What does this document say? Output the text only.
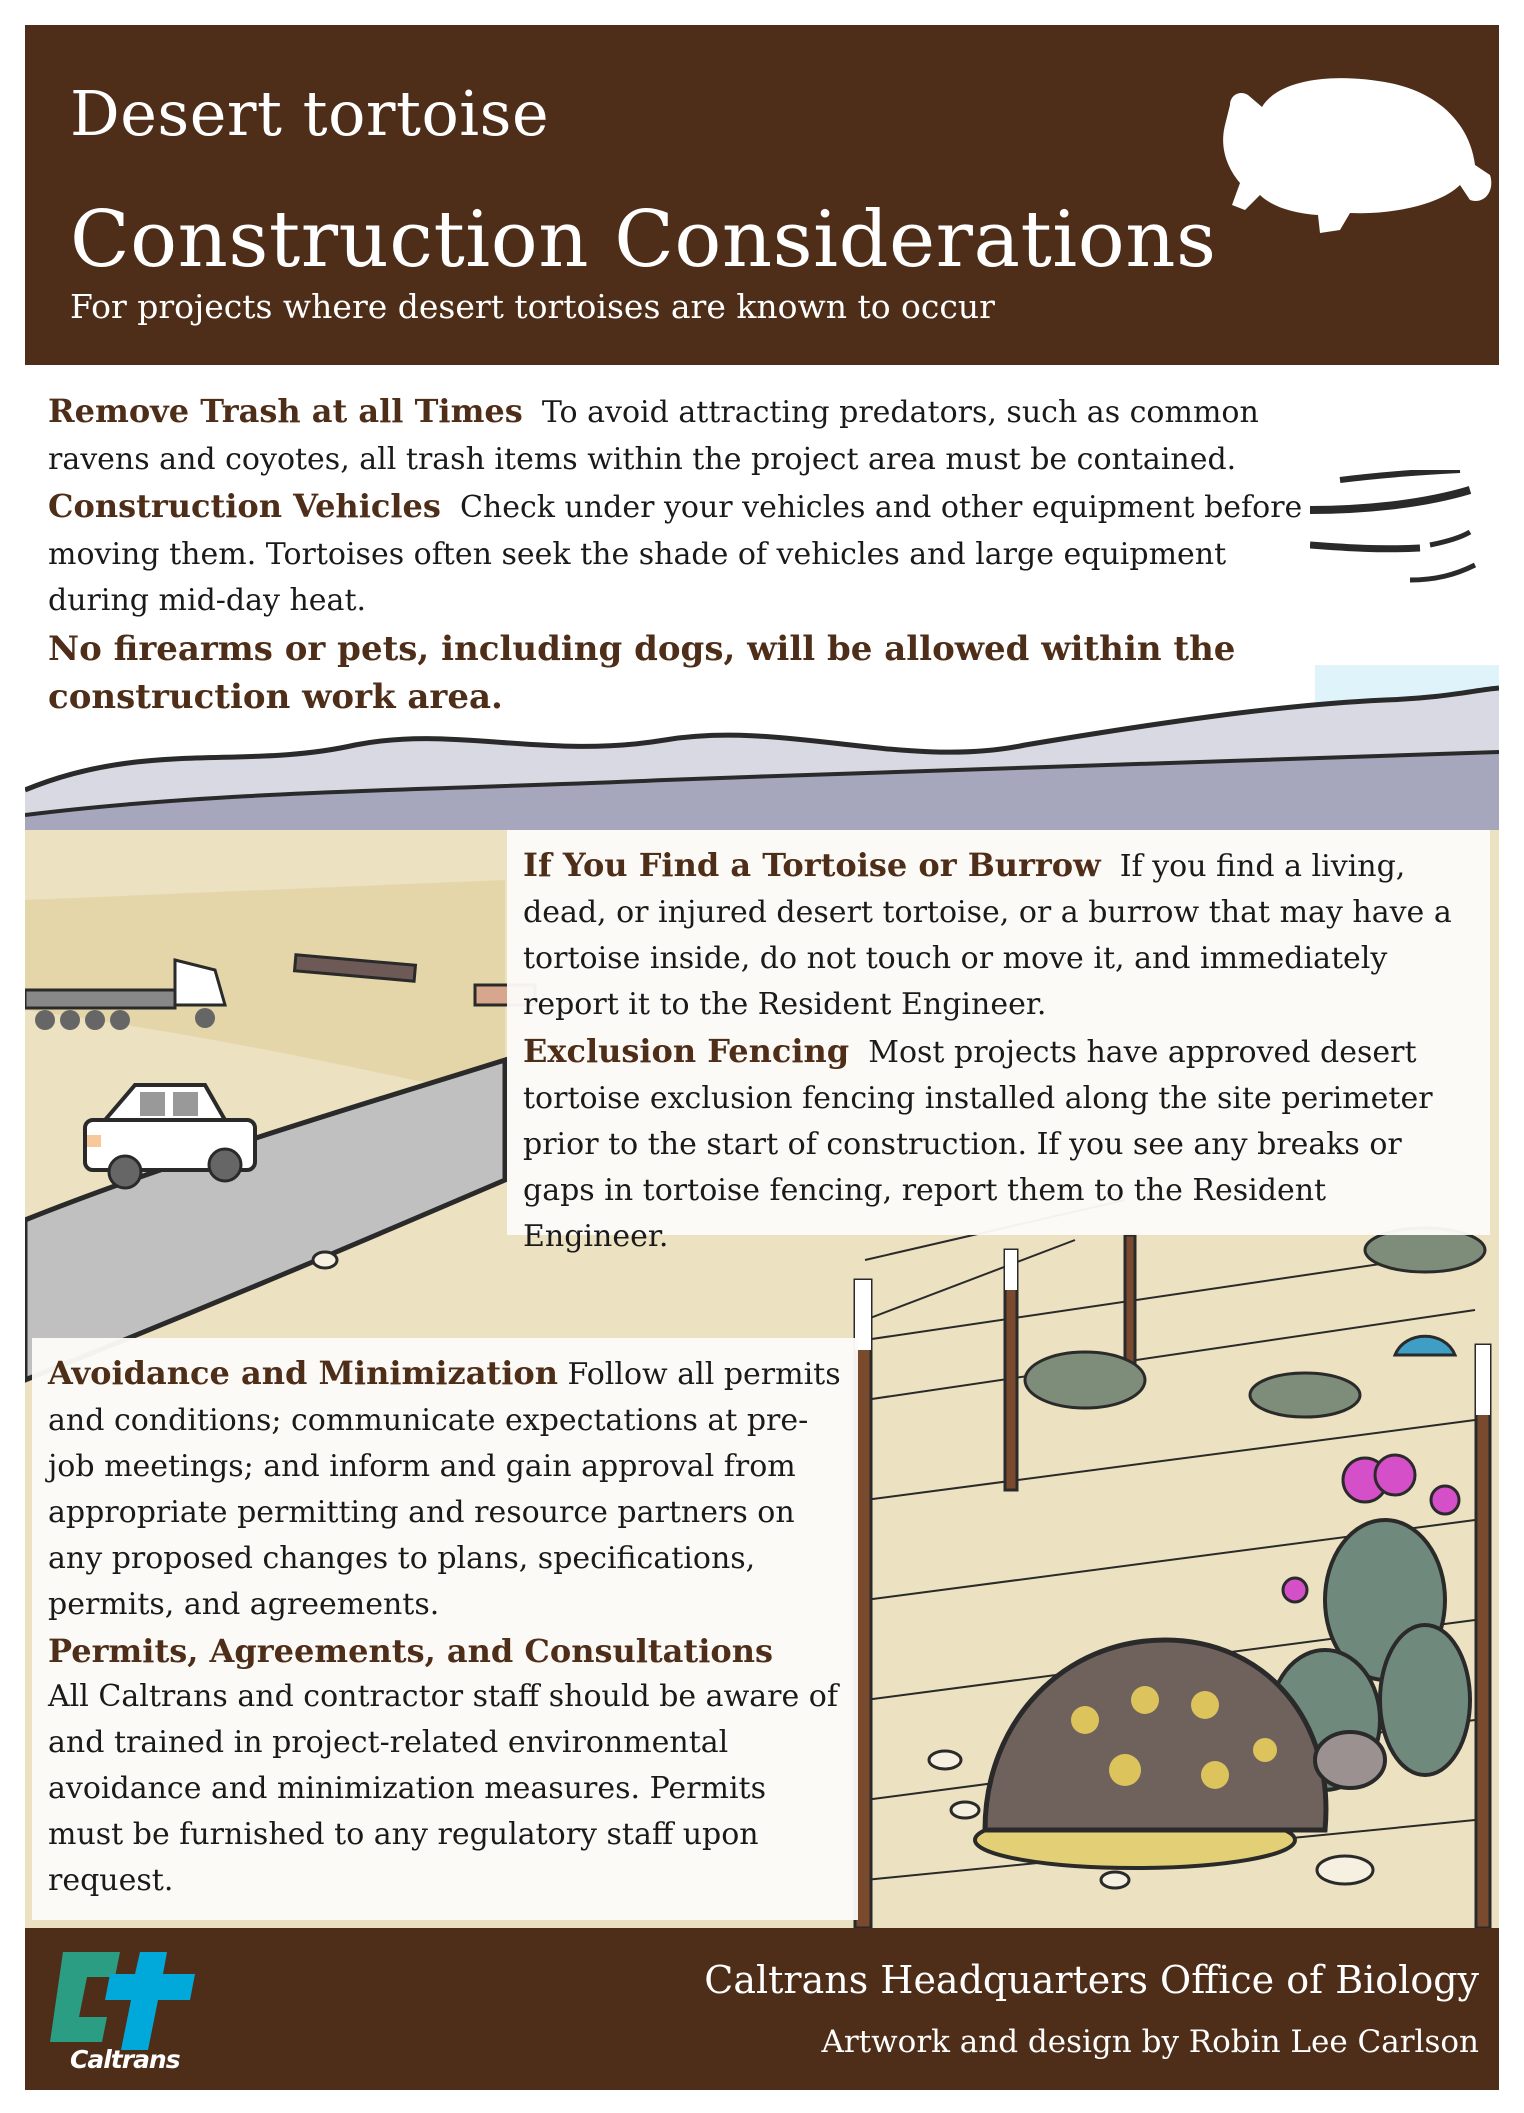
Desert tortoise
Construction Considerations
For projects where desert tortoises are known to occur
Remove Trash at all Times To avoid attracting predators, such as common ravens and coyotes, all trash items within the project area must be contained.
Construction Vehicles Check under your vehicles and other equipment before moving them. Tortoises often seek the shade of vehicles and large equipment during mid-day heat.
No firearms or pets, including dogs, will be allowed within the construction work area.
If You Find a Tortoise or Burrow If you find a living, dead, or injured desert tortoise, or a burrow that may have a tortoise inside, do not touch or move it, and immediately report it to the Resident Engineer.
Exclusion Fencing Most projects have approved desert tortoise exclusion fencing installed along the site perimeter prior to the start of construction. If you see any breaks or gaps in tortoise fencing, report them to the Resident Engineer.
Avoidance and Minimization Follow all permits and conditions; communicate expectations at pre-job meetings; and inform and gain approval from appropriate permitting and resource partners on any proposed changes to plans, specifications, permits, and agreements.
Permits, Agreements, and Consultations
All Caltrans and contractor staff should be aware of and trained in project-related environmental avoidance and minimization measures. Permits must be furnished to any regulatory staff upon request.
Caltrans
Caltrans Headquarters Office of Biology
Artwork and design by Robin Lee Carlson
